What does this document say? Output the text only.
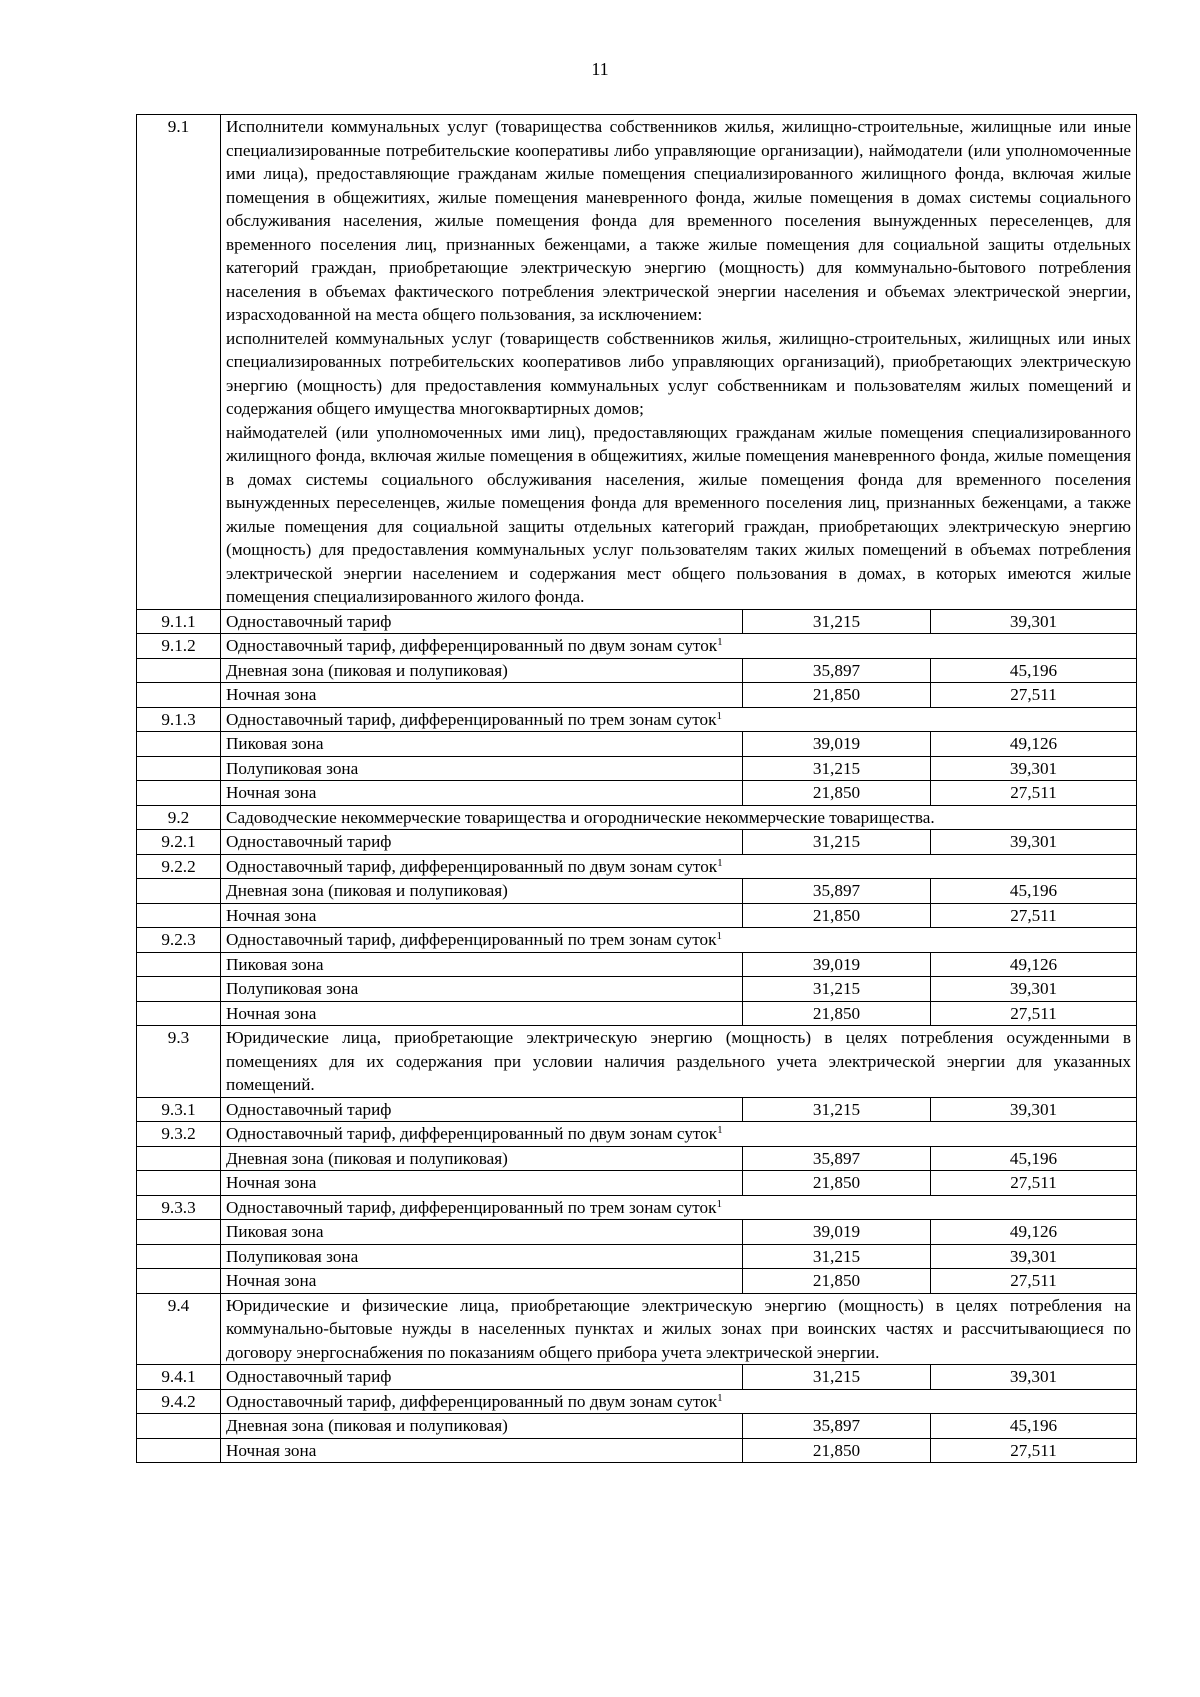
11
9.1	Исполнители коммунальных услуг (товарищества собственников жилья, жилищно-строительные, жилищные или иные специализированные потребительские кооперативы либо управляющие организации), наймодатели (или уполномоченные ими лица), предоставляющие гражданам жилые помещения специализированного жилищного фонда, включая жилые помещения в общежитиях, жилые помещения маневренного фонда, жилые помещения в домах системы социального обслуживания населения, жилые помещения фонда для временного поселения вынужденных переселенцев, для временного поселения лиц, признанных беженцами, а также жилые помещения для социальной защиты отдельных категорий граждан, приобретающие электрическую энергию (мощность) для коммунально-бытового потребления населения в объемах фактического потребления электрической энергии населения и объемах электрической энергии, израсходованной на места общего пользования, за исключением:
исполнителей коммунальных услуг (товариществ собственников жилья, жилищно-строительных, жилищных или иных специализированных потребительских кооперативов либо управляющих организаций), приобретающих электрическую энергию (мощность) для предоставления коммунальных услуг собственникам и пользователям жилых помещений и содержания общего имущества многоквартирных домов;
наймодателей (или уполномоченных ими лиц), предоставляющих гражданам жилые помещения специализированного жилищного фонда, включая жилые помещения в общежитиях, жилые помещения маневренного фонда, жилые помещения в домах системы социального обслуживания населения, жилые помещения фонда для временного поселения вынужденных переселенцев, жилые помещения фонда для временного поселения лиц, признанных беженцами, а также жилые помещения для социальной защиты отдельных категорий граждан, приобретающих электрическую энергию (мощность) для предоставления коммунальных услуг пользователям таких жилых помещений в объемах потребления электрической энергии населением и содержания мест общего пользования в домах, в которых имеются жилые помещения специализированного жилого фонда.		

9.1.1	Одноставочный тариф	31,215	39,301
9.1.2	Одноставочный тариф, дифференцированный по двум зонам суток$^1$
	Дневная зона (пиковая и полупиковая)	35,897	45,196
	Ночная зона	21,850	27,511
9.1.3	Одноставочный тариф, дифференцированный по трем зонам суток$^1$
	Пиковая зона	39,019	49,126
	Полупиковая зона	31,215	39,301
	Ночная зона	21,850	27,511
9.2	Садоводческие некоммерческие товарищества и огороднические некоммерческие товарищества.		

9.2.1	Одноставочный тариф	31,215	39,301
9.2.2	Одноставочный тариф, дифференцированный по двум зонам суток$^1$
	Дневная зона (пиковая и полупиковая)	35,897	45,196
	Ночная зона	21,850	27,511
9.2.3	Одноставочный тариф, дифференцированный по трем зонам суток$^1$
	Пиковая зона	39,019	49,126
	Полупиковая зона	31,215	39,301
	Ночная зона	21,850	27,511
9.3	Юридические лица, приобретающие электрическую энергию (мощность) в целях потребления осужденными в помещениях для их содержания при условии наличия раздельного учета электрической энергии для указанных помещений.		

9.3.1	Одноставочный тариф	31,215	39,301
9.3.2	Одноставочный тариф, дифференцированный по двум зонам суток$^1$
	Дневная зона (пиковая и полупиковая)	35,897	45,196
	Ночная зона	21,850	27,511
9.3.3	Одноставочный тариф, дифференцированный по трем зонам суток$^1$
	Пиковая зона	39,019	49,126
	Полупиковая зона	31,215	39,301
	Ночная зона	21,850	27,511
9.4	Юридические и физические лица, приобретающие электрическую энергию (мощность) в целях потребления на коммунально-бытовые нужды в населенных пунктах и жилых зонах при воинских частях и рассчитывающиеся по договору энергоснабжения по показаниям общего прибора учета электрической энергии.		

9.4.1	Одноставочный тариф	31,215	39,301
9.4.2	Одноставочный тариф, дифференцированный по двум зонам суток$^1$
	Дневная зона (пиковая и полупиковая)	35,897	45,196
	Ночная зона	21,850	27,511
